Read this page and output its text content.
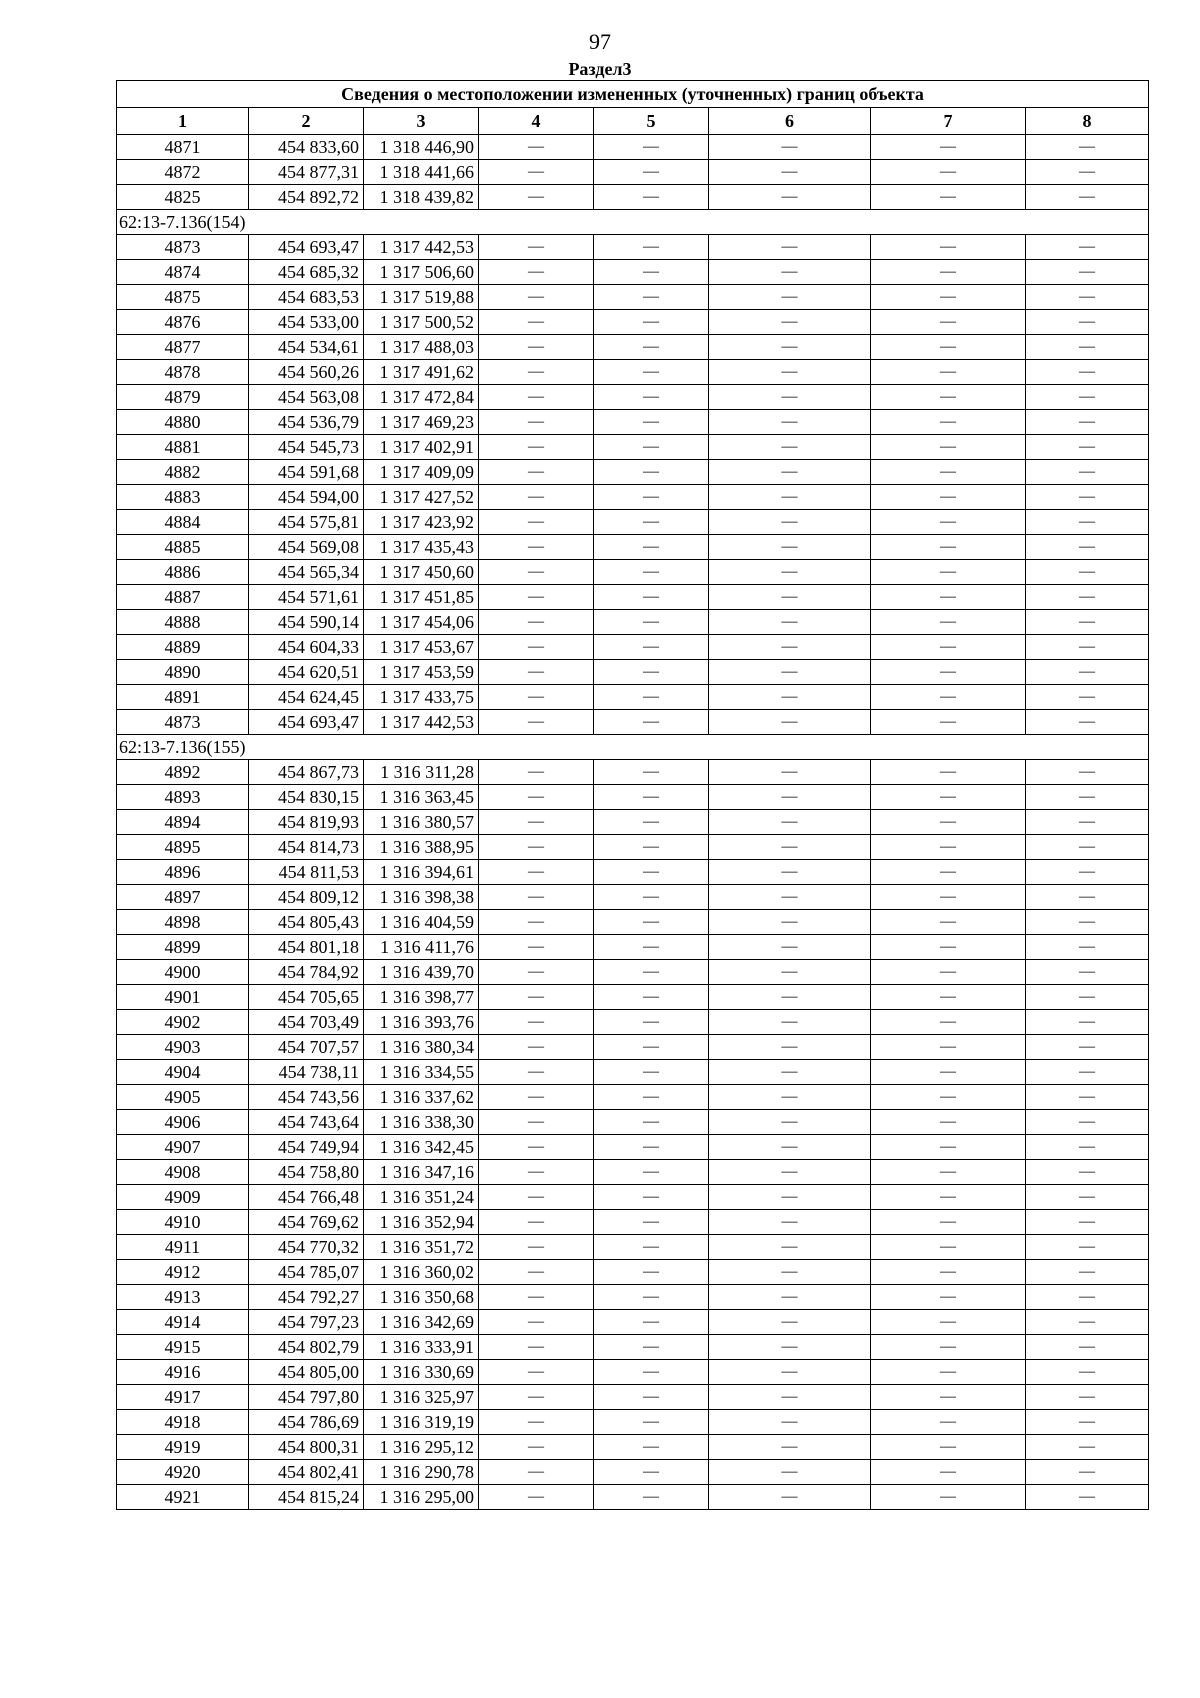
97
Раздел3
Сведения о местоположении измененных (уточненных) границ объекта							
1	2	3	4	5	6	7	8
4871	454 833,60	1 318 446,90	—	—	—	—	—
4872	454 877,31	1 318 441,66	—	—	—	—	—
4825	454 892,72	1 318 439,82	—	—	—	—	—
62:13-7.136(154)							
4873	454 693,47	1 317 442,53	—	—	—	—	—
4874	454 685,32	1 317 506,60	—	—	—	—	—
4875	454 683,53	1 317 519,88	—	—	—	—	—
4876	454 533,00	1 317 500,52	—	—	—	—	—
4877	454 534,61	1 317 488,03	—	—	—	—	—
4878	454 560,26	1 317 491,62	—	—	—	—	—
4879	454 563,08	1 317 472,84	—	—	—	—	—
4880	454 536,79	1 317 469,23	—	—	—	—	—
4881	454 545,73	1 317 402,91	—	—	—	—	—
4882	454 591,68	1 317 409,09	—	—	—	—	—
4883	454 594,00	1 317 427,52	—	—	—	—	—
4884	454 575,81	1 317 423,92	—	—	—	—	—
4885	454 569,08	1 317 435,43	—	—	—	—	—
4886	454 565,34	1 317 450,60	—	—	—	—	—
4887	454 571,61	1 317 451,85	—	—	—	—	—
4888	454 590,14	1 317 454,06	—	—	—	—	—
4889	454 604,33	1 317 453,67	—	—	—	—	—
4890	454 620,51	1 317 453,59	—	—	—	—	—
4891	454 624,45	1 317 433,75	—	—	—	—	—
4873	454 693,47	1 317 442,53	—	—	—	—	—
62:13-7.136(155)							
4892	454 867,73	1 316 311,28	—	—	—	—	—
4893	454 830,15	1 316 363,45	—	—	—	—	—
4894	454 819,93	1 316 380,57	—	—	—	—	—
4895	454 814,73	1 316 388,95	—	—	—	—	—
4896	454 811,53	1 316 394,61	—	—	—	—	—
4897	454 809,12	1 316 398,38	—	—	—	—	—
4898	454 805,43	1 316 404,59	—	—	—	—	—
4899	454 801,18	1 316 411,76	—	—	—	—	—
4900	454 784,92	1 316 439,70	—	—	—	—	—
4901	454 705,65	1 316 398,77	—	—	—	—	—
4902	454 703,49	1 316 393,76	—	—	—	—	—
4903	454 707,57	1 316 380,34	—	—	—	—	—
4904	454 738,11	1 316 334,55	—	—	—	—	—
4905	454 743,56	1 316 337,62	—	—	—	—	—
4906	454 743,64	1 316 338,30	—	—	—	—	—
4907	454 749,94	1 316 342,45	—	—	—	—	—
4908	454 758,80	1 316 347,16	—	—	—	—	—
4909	454 766,48	1 316 351,24	—	—	—	—	—
4910	454 769,62	1 316 352,94	—	—	—	—	—
4911	454 770,32	1 316 351,72	—	—	—	—	—
4912	454 785,07	1 316 360,02	—	—	—	—	—
4913	454 792,27	1 316 350,68	—	—	—	—	—
4914	454 797,23	1 316 342,69	—	—	—	—	—
4915	454 802,79	1 316 333,91	—	—	—	—	—
4916	454 805,00	1 316 330,69	—	—	—	—	—
4917	454 797,80	1 316 325,97	—	—	—	—	—
4918	454 786,69	1 316 319,19	—	—	—	—	—
4919	454 800,31	1 316 295,12	—	—	—	—	—
4920	454 802,41	1 316 290,78	—	—	—	—	—
4921	454 815,24	1 316 295,00	—	—	—	—	—
